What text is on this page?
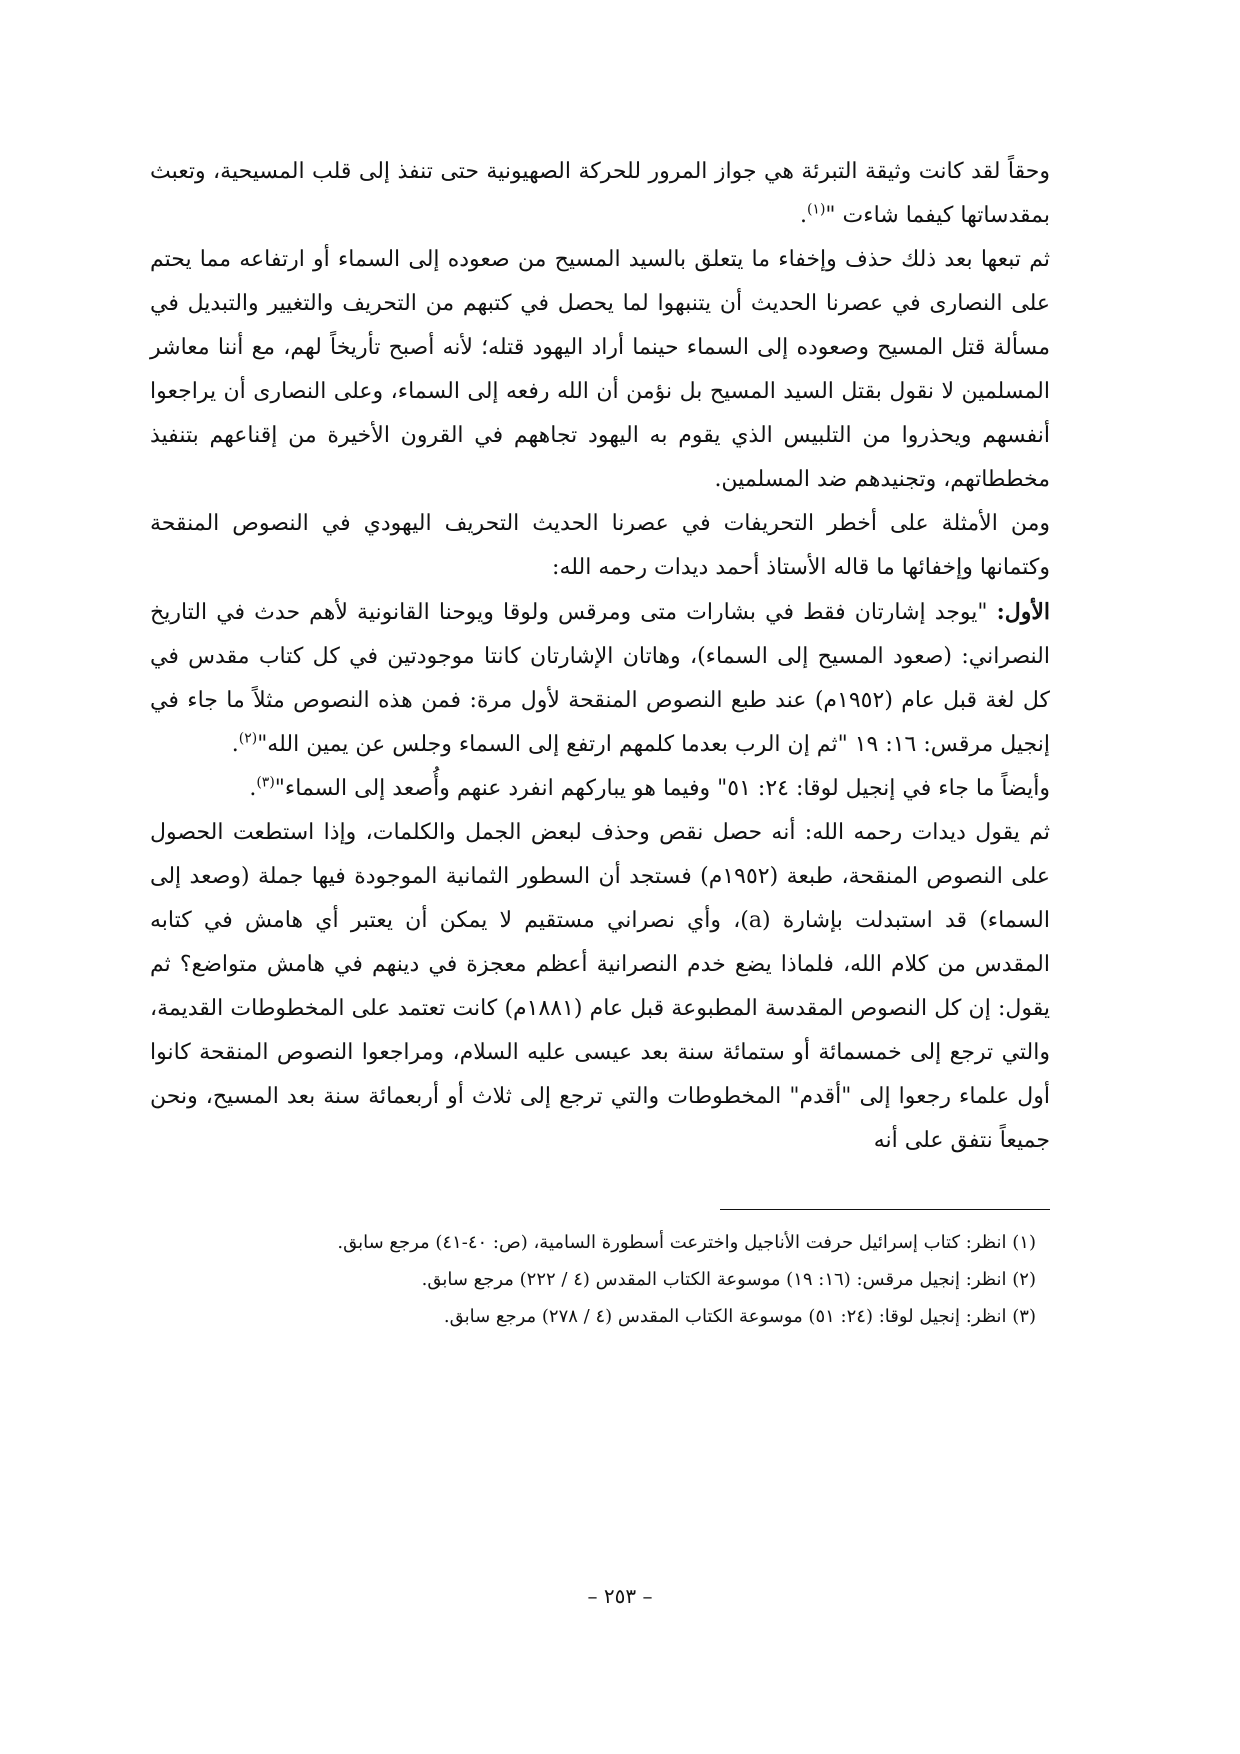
وحقاً لقد كانت وثيقة التبرئة هي جواز المرور للحركة الصهيونية حتى تنفذ إلى قلب المسيحية، وتعبث بمقدساتها كيفما شاءت "$^{(١)}$.

ثم تبعها بعد ذلك حذف وإخفاء ما يتعلق بالسيد المسيح من صعوده إلى السماء أو ارتفاعه مما يحتم على النصارى في عصرنا الحديث أن يتنبهوا لما يحصل في كتبهم من التحريف والتغيير والتبديل في مسألة قتل المسيح وصعوده إلى السماء حينما أراد اليهود قتله؛ لأنه أصبح تأريخاً لهم، مع أننا معاشر المسلمين لا نقول بقتل السيد المسيح بل نؤمن أن الله رفعه إلى السماء، وعلى النصارى أن يراجعوا أنفسهم ويحذروا من التلبيس الذي يقوم به اليهود تجاههم في القرون الأخيرة من إقناعهم بتنفيذ مخططاتهم، وتجنيدهم ضد المسلمين.

ومن الأمثلة على أخطر التحريفات في عصرنا الحديث التحريف اليهودي في النصوص المنقحة وكتمانها وإخفائها ما قاله الأستاذ أحمد ديدات رحمه الله:

الأول: "يوجد إشارتان فقط في بشارات متى ومرقس ولوقا ويوحنا القانونية لأهم حدث في التاريخ النصراني: (صعود المسيح إلى السماء)، وهاتان الإشارتان كانتا موجودتين في كل كتاب مقدس في كل لغة قبل عام (١٩٥٢م) عند طبع النصوص المنقحة لأول مرة: فمن هذه النصوص مثلاً ما جاء في إنجيل مرقس: ١٦: ١٩ "ثم إن الرب بعدما كلمهم ارتفع إلى السماء وجلس عن يمين الله"$^{(٢)}$.

وأيضاً ما جاء في إنجيل لوقا: ٢٤: ٥١" وفيما هو يباركهم انفرد عنهم وأُصعد إلى السماء"$^{(٣)}$.

ثم يقول ديدات رحمه الله: أنه حصل نقص وحذف لبعض الجمل والكلمات، وإذا استطعت الحصول على النصوص المنقحة، طبعة (١٩٥٢م) فستجد أن السطور الثمانية الموجودة فيها جملة (وصعد إلى السماء) قد استبدلت بإشارة (a)، وأي نصراني مستقيم لا يمكن أن يعتبر أي هامش في كتابه المقدس من كلام الله، فلماذا يضع خدم النصرانية أعظم معجزة في دينهم في هامش متواضع؟ ثم يقول: إن كل النصوص المقدسة المطبوعة قبل عام (١٨٨١م) كانت تعتمد على المخطوطات القديمة، والتي ترجع إلى خمسمائة أو ستمائة سنة بعد عيسى عليه السلام، ومراجعوا النصوص المنقحة كانوا أول علماء رجعوا إلى "أقدم" المخطوطات والتي ترجع إلى ثلاث أو أربعمائة سنة بعد المسيح، ونحن جميعاً نتفق على أنه

(١) انظر: كتاب إسرائيل حرفت الأناجيل واخترعت أسطورة السامية، (ص: ٤٠-٤١) مرجع سابق.

(٢) انظر: إنجيل مرقس: (١٦: ١٩) موسوعة الكتاب المقدس (٤ / ٢٢٢) مرجع سابق.

(٣) انظر: إنجيل لوقا: (٢٤: ٥١) موسوعة الكتاب المقدس (٤ / ٢٧٨) مرجع سابق.

– ٢٥٣ –
